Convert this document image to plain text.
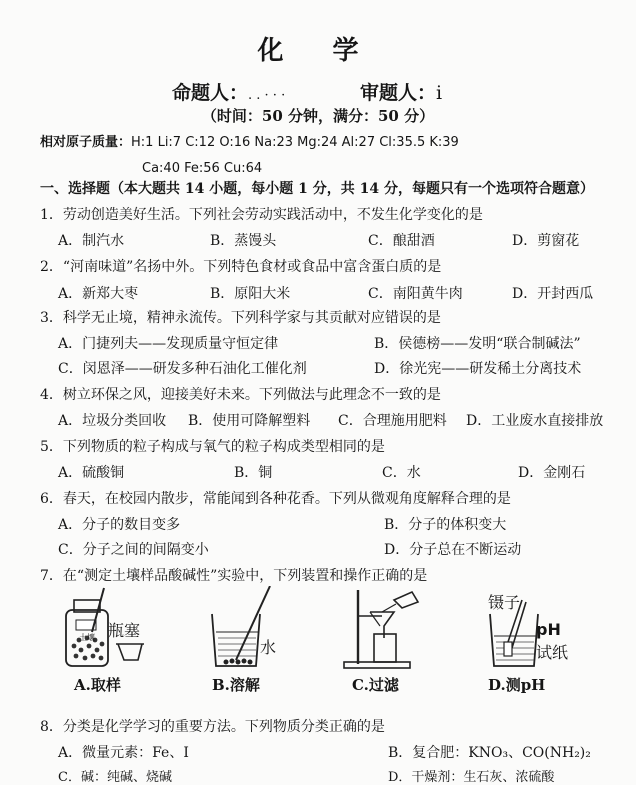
化 学
命题人：. . · · ·	审题人：i
（时间：50 分钟，满分：50 分）
相对原子质量：H:1 Li:7 C:12 O:16 Na:23 Mg:24 Al:27 Cl:35.5 K:39
Ca:40 Fe:56 Cu:64
一、选择题（本大题共 14 小题，每小题 1 分，共 14 分，每题只有一个选项符合题意）
1．劳动创造美好生活。下列社会劳动实践活动中，不发生化学变化的是
A．制汽水	B．蒸馒头	C．酿甜酒	D．剪窗花
2．“河南味道”名扬中外。下列特色食材或食品中富含蛋白质的是
A．新郑大枣	B．原阳大米	C．南阳黄牛肉	D．开封西瓜
3．科学无止境，精神永流传。下列科学家与其贡献对应错误的是
A．门捷列夫——发现质量守恒定律	B．侯德榜——发明“联合制碱法”
C．闵恩泽——研发多种石油化工催化剂	D．徐光宪——研发稀土分离技术
4．树立环保之风，迎接美好未来。下列做法与此理念不一致的是
A．垃圾分类回收 B．使用可降解塑料 C．合理施用肥料 D．工业废水直接排放
5．下列物质的粒子构成与氧气的粒子构成类型相同的是
A．硫酸铜	B．铜	C．水	D．金刚石
6．春天，在校园内散步，常能闻到各种花香。下列从微观角度解释合理的是
A．分子的数目变多	B．分子的体积变大
C．分子之间的间隔变小	D．分子总在不断运动
7．在“测定土壤样品酸碱性”实验中，下列装置和操作正确的是
瓶塞
土壤
水
镊子
pH
试纸
A.取样	B.溶解	C.过滤	D.测pH
8．分类是化学学习的重要方法。下列物质分类正确的是
A．微量元素：Fe、I	B．复合肥：KNO₃、CO(NH₂)₂
C．碱：纯碱、烧碱	D．干燥剂：生石灰、浓硫酸
